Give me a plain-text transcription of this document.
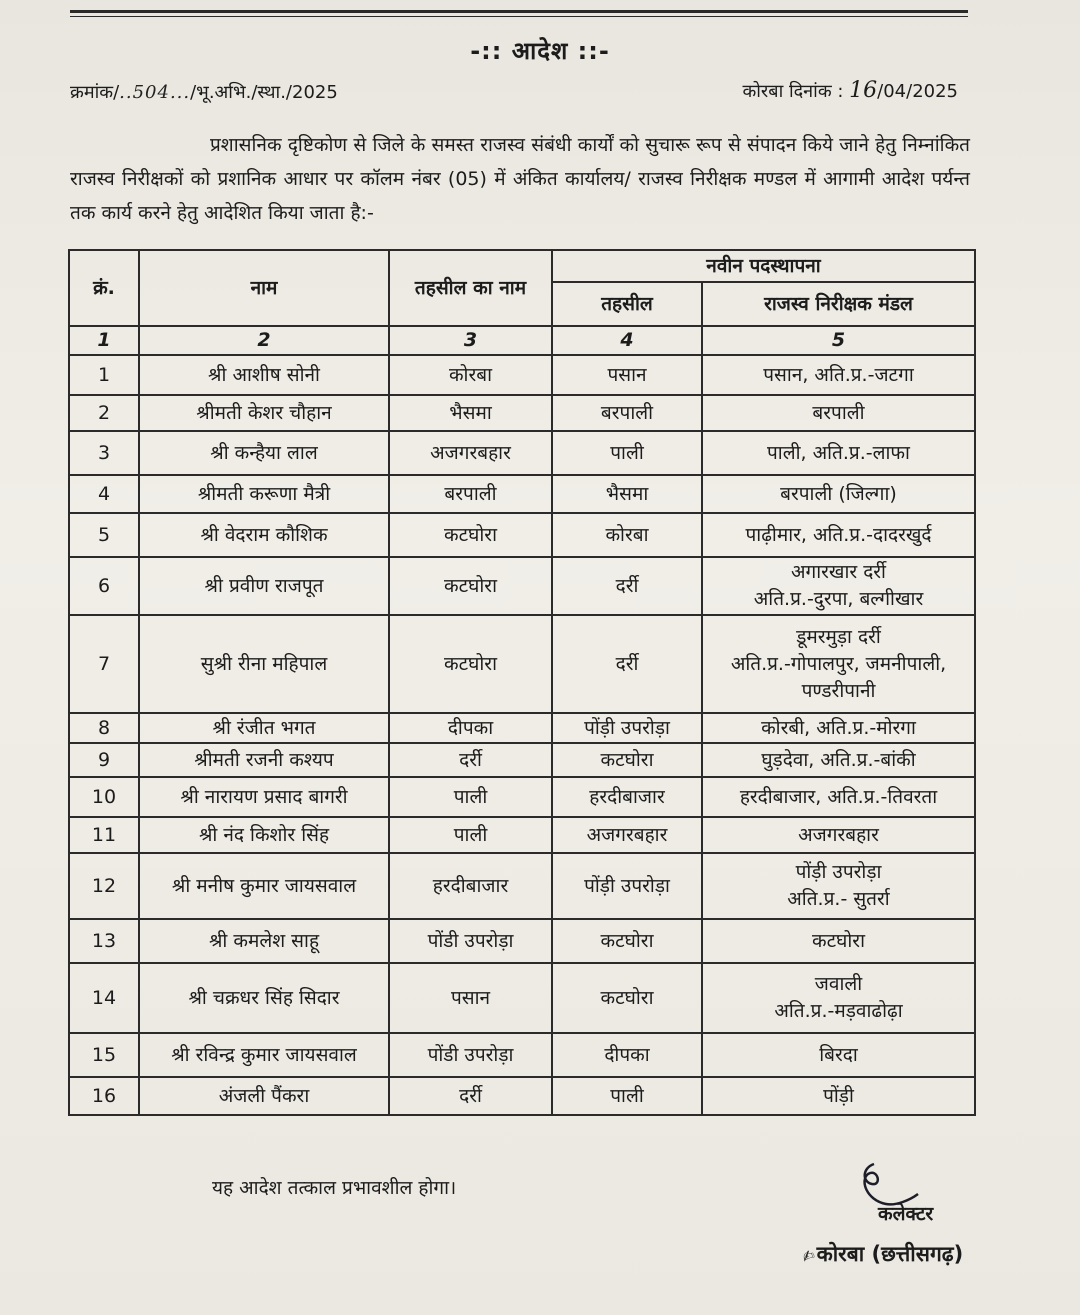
-:: आदेश ::-
क्रमांक/..504.../भू.अभि./स्था./2025	कोरबा दिनांक : 16/04/2025
प्रशासनिक दृष्टिकोण से जिले के समस्त राजस्व संबंधी कार्यों को सुचारू रूप से संपादन किये जाने हेतु निम्नांकित राजस्व निरीक्षकों को प्रशानिक आधार पर कॉलम नंबर (05) में अंकित कार्यालय/ राजस्व निरीक्षक मण्डल में आगामी आदेश पर्यन्त तक कार्य करने हेतु आदेशित किया जाता है:-
क्रं.	नाम	तहसील का नाम	नवीन पदस्थापना	
			तहसील	राजस्व निरीक्षक मंडल
1	2	3	4	5
1	श्री आशीष सोनी	कोरबा	पसान	पसान, अति.प्र.-जटगा

2	श्रीमती केशर चौहान	भैसमा	बरपाली	बरपाली

3	श्री कन्हैया लाल	अजगरबहार	पाली	पाली, अति.प्र.-लाफा

4	श्रीमती करूणा मैत्री	बरपाली	भैसमा	बरपाली (जिल्गा)

5	श्री वेदराम कौशिक	कटघोरा	कोरबा	पाढ़ीमार, अति.प्र.-दादरखुर्द

6	श्री प्रवीण राजपूत	कटघोरा	दर्री	अगारखार दर्री
अति.प्र.-दुरपा, बल्गीखार

7	सुश्री रीना महिपाल	कटघोरा	दर्री	डूमरमुड़ा दर्री
अति.प्र.-गोपालपुर, जमनीपाली,
पण्डरीपानी

8	श्री रंजीत भगत	दीपका	पोंड़ी उपरोड़ा	कोरबी, अति.प्र.-मोरगा

9	श्रीमती रजनी कश्यप	दर्री	कटघोरा	घुड़देवा, अति.प्र.-बांकी

10	श्री नारायण प्रसाद बागरी	पाली	हरदीबाजार	हरदीबाजार, अति.प्र.-तिवरता

11	श्री नंद किशोर सिंह	पाली	अजगरबहार	अजगरबहार

12	श्री मनीष कुमार जायसवाल	हरदीबाजार	पोंड़ी उपरोड़ा	पोंड़ी उपरोड़ा
अति.प्र.- सुतर्रा

13	श्री कमलेश साहू	पोंडी उपरोड़ा	कटघोरा	कटघोरा

14	श्री चक्रधर सिंह सिदार	पसान	कटघोरा	जवाली
अति.प्र.-मड़वाढोढ़ा

15	श्री रविन्द्र कुमार जायसवाल	पोंडी उपरोड़ा	दीपका	बिरदा

16	अंजली पैंकरा	दर्री	पाली	पोंड़ी
यह आदेश तत्काल प्रभावशील होगा।
कलेक्टर
✍कोरबा (छत्तीसगढ़)
